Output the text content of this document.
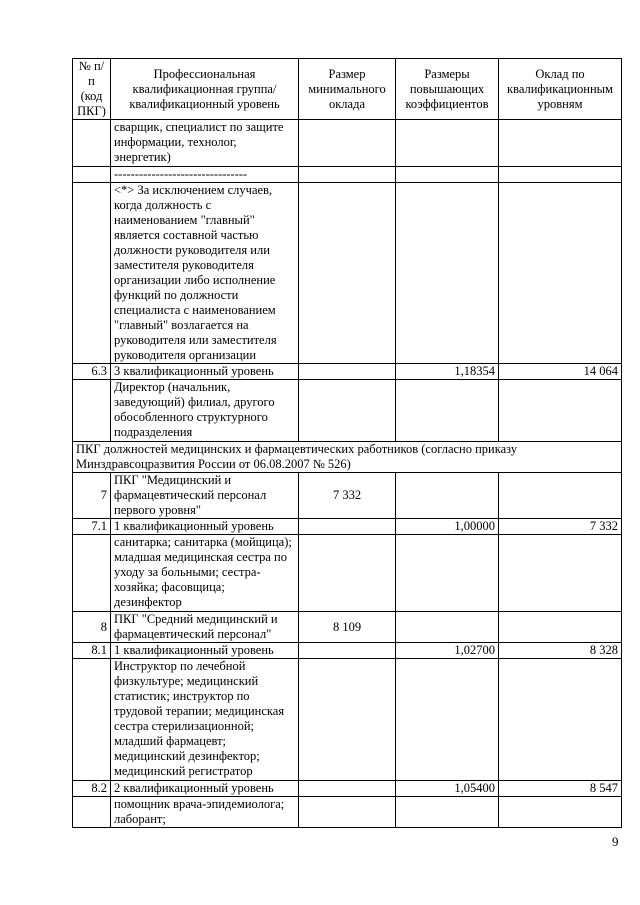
№ п/п (код ПКГ)	Профессиональная квалификационная группа/квалификационный уровень	Размер минимального оклада	Размеры повышающих коэффициентов	Оклад по квалификационным уровням
	сварщик, специалист по защите информации, технолог, энергетик)			
	--------------------------------			
	<*> За исключением случаев, когда должность с наименованием "главный" является составной частью должности руководителя или заместителя руководителя организации либо исполнение функций по должности специалиста с наименованием "главный" возлагается на руководителя или заместителя руководителя организации			
6.3	3 квалификационный уровень		1,18354	14 064
	Директор (начальник, заведующий) филиал, другого обособленного структурного подразделения			
ПКГ должностей медицинских и фармацевтических работников (согласно приказу Минздравсоцразвития России от 06.08.2007 № 526)				
7	ПКГ "Медицинский и фармацевтический персонал первого уровня"	7 332		
7.1	1 квалификационный уровень		1,00000	7 332
	санитарка; санитарка (мойщица); младшая медицинская сестра по уходу за больными; сестра-хозяйка; фасовщица; дезинфектор			
8	ПКГ "Средний медицинский и фармацевтический персонал"	8 109		
8.1	1 квалификационный уровень		1,02700	8 328
	Инструктор по лечебной физкультуре; медицинский статистик; инструктор по трудовой терапии; медицинская сестра стерилизационной; младший фармацевт; медицинский дезинфектор; медицинский регистратор			
8.2	2 квалификационный уровень		1,05400	8 547
	помощник врача-эпидемиолога; лаборант;			
9
